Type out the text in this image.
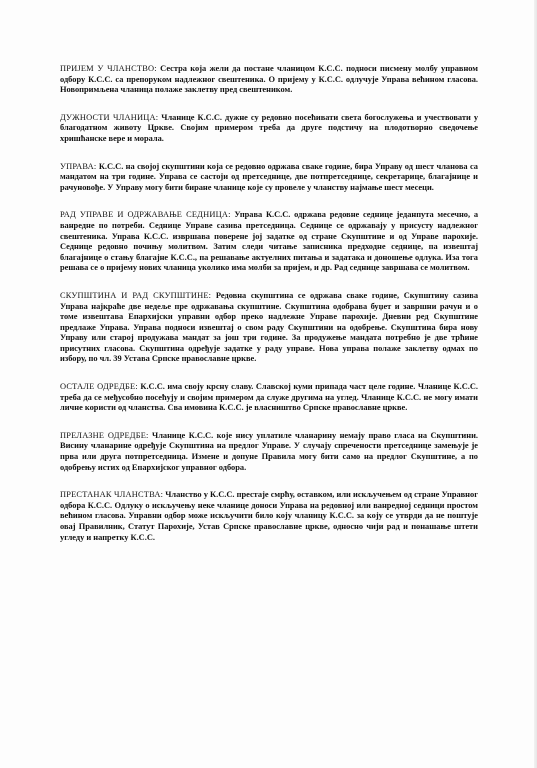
ПРИЈЕМ У ЧЛАНСТВО: Сестра која жели да постане чланицом К.С.С. подноси писмену молбу управном одбору К.С.С. са препоруком надлежног свештеника. О пријему у К.С.С. одлучује Управа већином гласова. Новопримљена чланица полаже заклетву пред свештеником.

ДУЖНОСТИ ЧЛАНИЦА: Чланице К.С.С. дужне су редовно посећивати света богослужења и учествовати у благодатном животу Цркве. Својим примером треба да друге подстичу на плодотворно сведочење хришћанске вере и морала.

УПРАВА: К.С.С. на својој скупштини која се редовно одржава сваке године, бира Управу од шест чланова са мандатом на три године. Управа се састоји од претседнице, две потпретседнице, секретарице, благајнице и рачуновође. У Управу могу бити биране чланице које су провеле у чланству најмање шест месеци.

РАД УПРАВЕ И ОДРЖАВАЊЕ СЕДНИЦА: Управа К.С.С. одржава редовне седнице једанпута месечно, а ванредне по потреби. Седнице Управе сазива претседница. Седнице се одржавају у присусту надлежног свештеника. Управа К.С.С. извршава поверене јој задатке од стране Скупштине и од Управе парохије. Седнице редовно почињу молитвом. Затим следи читање записника предходне седнице, па извештај благајнице о стању благајне К.С.С., па решавање актуелних питања и задатака и доношење одлука. Иза тога решава се о пријему нових чланица уколико има молби за пријем, и др. Рад седнице завршава се молитвом.

СКУПШТИНА И РАД СКУПШТИНЕ: Редовна скупштина се одржава сваке године, Скупштину сазива Управа најкраће две недеље пре одржавања скупштине. Скупштина одобрава буџет и завршни рачун и о томе извештава Епархијски управни одбор преко надлежне Управе парохије. Дневни ред Скупштине предлаже Управа. Управа подноси извештај о свом раду Скупштини на одобрење. Скупштина бира нову Управу или старој продужава мандат за још три године. За продужење мандата потребно је две трћине присутних гласова. Скупштина одређује задатке у раду управе. Нова управа полаже заклетву одмах по избору, по чл. 39 Устава Српске православне цркве.

ОСТАЛЕ ОДРЕДБЕ: К.С.С. има своју крсну славу. Славској куми припада част целе године. Чланице К.С.С. треба да се међусобно посећују и својим примером да служе другима на углед. Чланице К.С.С. не могу имати личне користи од чланства. Сва имовина К.С.С. је власништво Српске православне цркве.

ПРЕЛАЗНЕ ОДРЕДБЕ: Чланице К.С.С. које нису уплатиле чланарину немају право гласа на Скупштини. Висину чланарине одређује Скупштина на предлог Управе. У случају спречености претседнице замењује је прва или друга потпретседница. Измене и допуне Правила могу бити само на предлог Скупштине, а по одобрењу истих од Епархијског управног одбора.

ПРЕСТАНАК ЧЛАНСТВА: Чланство у К.С.С. престаје смрћу, оставком, или искључењем од стране Управног одбора К.С.С. Одлуку о искључењу неке чланице доноси Управа на редовној или ванредној седници простом већином гласова. Управни одбор може искључити било коју чланицу К.С.С. за коју се утврди да не поштује овај Правилник, Статут Парохије, Устав Српске православне цркве, односно чији рад и понашање штети угледу и напретку К.С.С.
